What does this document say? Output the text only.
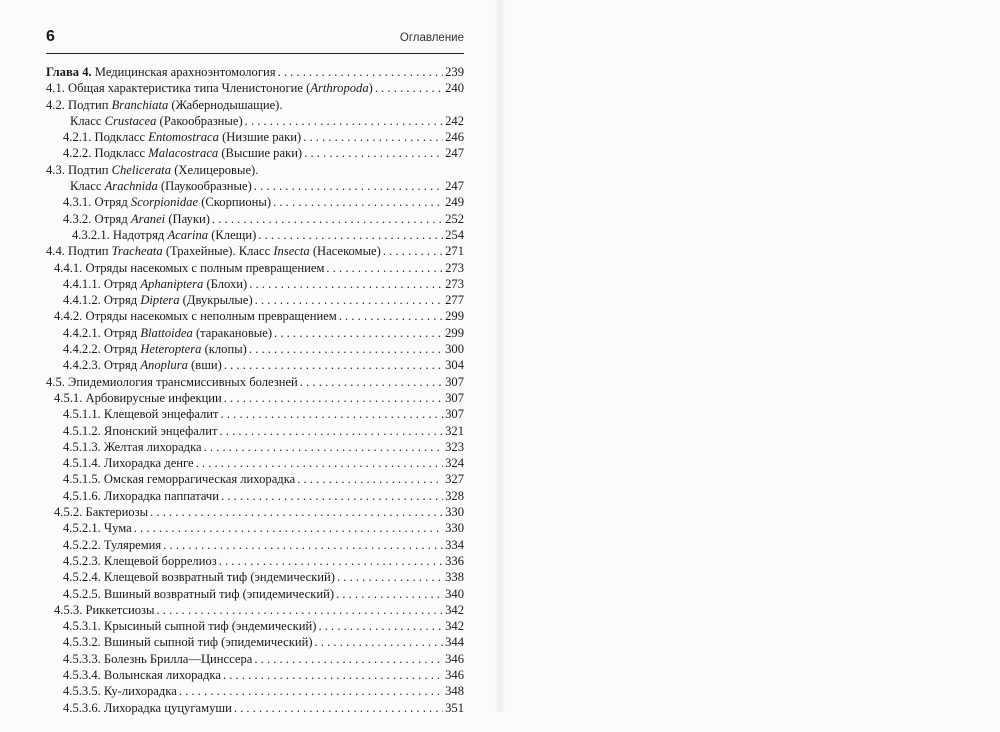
6	Оглавление
Глава 4. Медицинская арахноэнтомология . . .	239
4.1. Общая характеристика типа Членистоногие (Arthropoda) . . .	240
4.2. Подтип Branchiata (Жабернодышащие).
Класс Crustacea (Ракообразные) . . .	242
4.2.1. Подкласс Entomostraca (Низшие раки) . . .	246
4.2.2. Подкласс Malacostraca (Высшие раки) . . .	247
4.3. Подтип Chelicerata (Хелицеровые).
Класс Arachnida (Паукообразные) . . .	247
4.3.1. Отряд Scorpionidae (Скорпионы) . . .	249
4.3.2. Отряд Aranei (Пауки) . . .	252
4.3.2.1. Надотряд Acarina (Клещи) . . .	254
4.4. Подтип Tracheata (Трахейные). Класс Insecta (Насекомые) . . .	271
4.4.1. Отряды насекомых с полным превращением . . .	273
4.4.1.1. Отряд Aphaniptera (Блохи) . . .	273
4.4.1.2. Отряд Diptera (Двукрылые) . . .	277
4.4.2. Отряды насекомых с неполным превращением . . .	299
4.4.2.1. Отряд Blattoidea (таракановые) . . .	299
4.4.2.2. Отряд Heteroptera (клопы) . . .	300
4.4.2.3. Отряд Anoplura (вши) . . .	304
4.5. Эпидемиология трансмиссивных болезней . . .	307
4.5.1. Арбовирусные инфекции . . .	307
4.5.1.1. Клещевой энцефалит . . .	307
4.5.1.2. Японский энцефалит . . .	321
4.5.1.3. Желтая лихорадка . . .	323
4.5.1.4. Лихорадка денге . . .	324
4.5.1.5. Омская геморрагическая лихорадка . . .	327
4.5.1.6. Лихорадка паппатачи . . .	328
4.5.2. Бактериозы . . .	330
4.5.2.1. Чума . . .	330
4.5.2.2. Туляремия . . .	334
4.5.2.3. Клещевой боррелиоз . . .	336
4.5.2.4. Клещевой возвратный тиф (эндемический) . . .	338
4.5.2.5. Вшиный возвратный тиф (эпидемический) . . .	340
4.5.3. Риккетсиозы . . .	342
4.5.3.1. Крысиный сыпной тиф (эндемический) . . .	342
4.5.3.2. Вшиный сыпной тиф (эпидемический) . . .	344
4.5.3.3. Болезнь Брилла—Цинссера . . .	346
4.5.3.4. Волынская лихорадка . . .	346
4.5.3.5. Ку-лихорадка . . .	348
4.5.3.6. Лихорадка цуцугамуши . . .	351
